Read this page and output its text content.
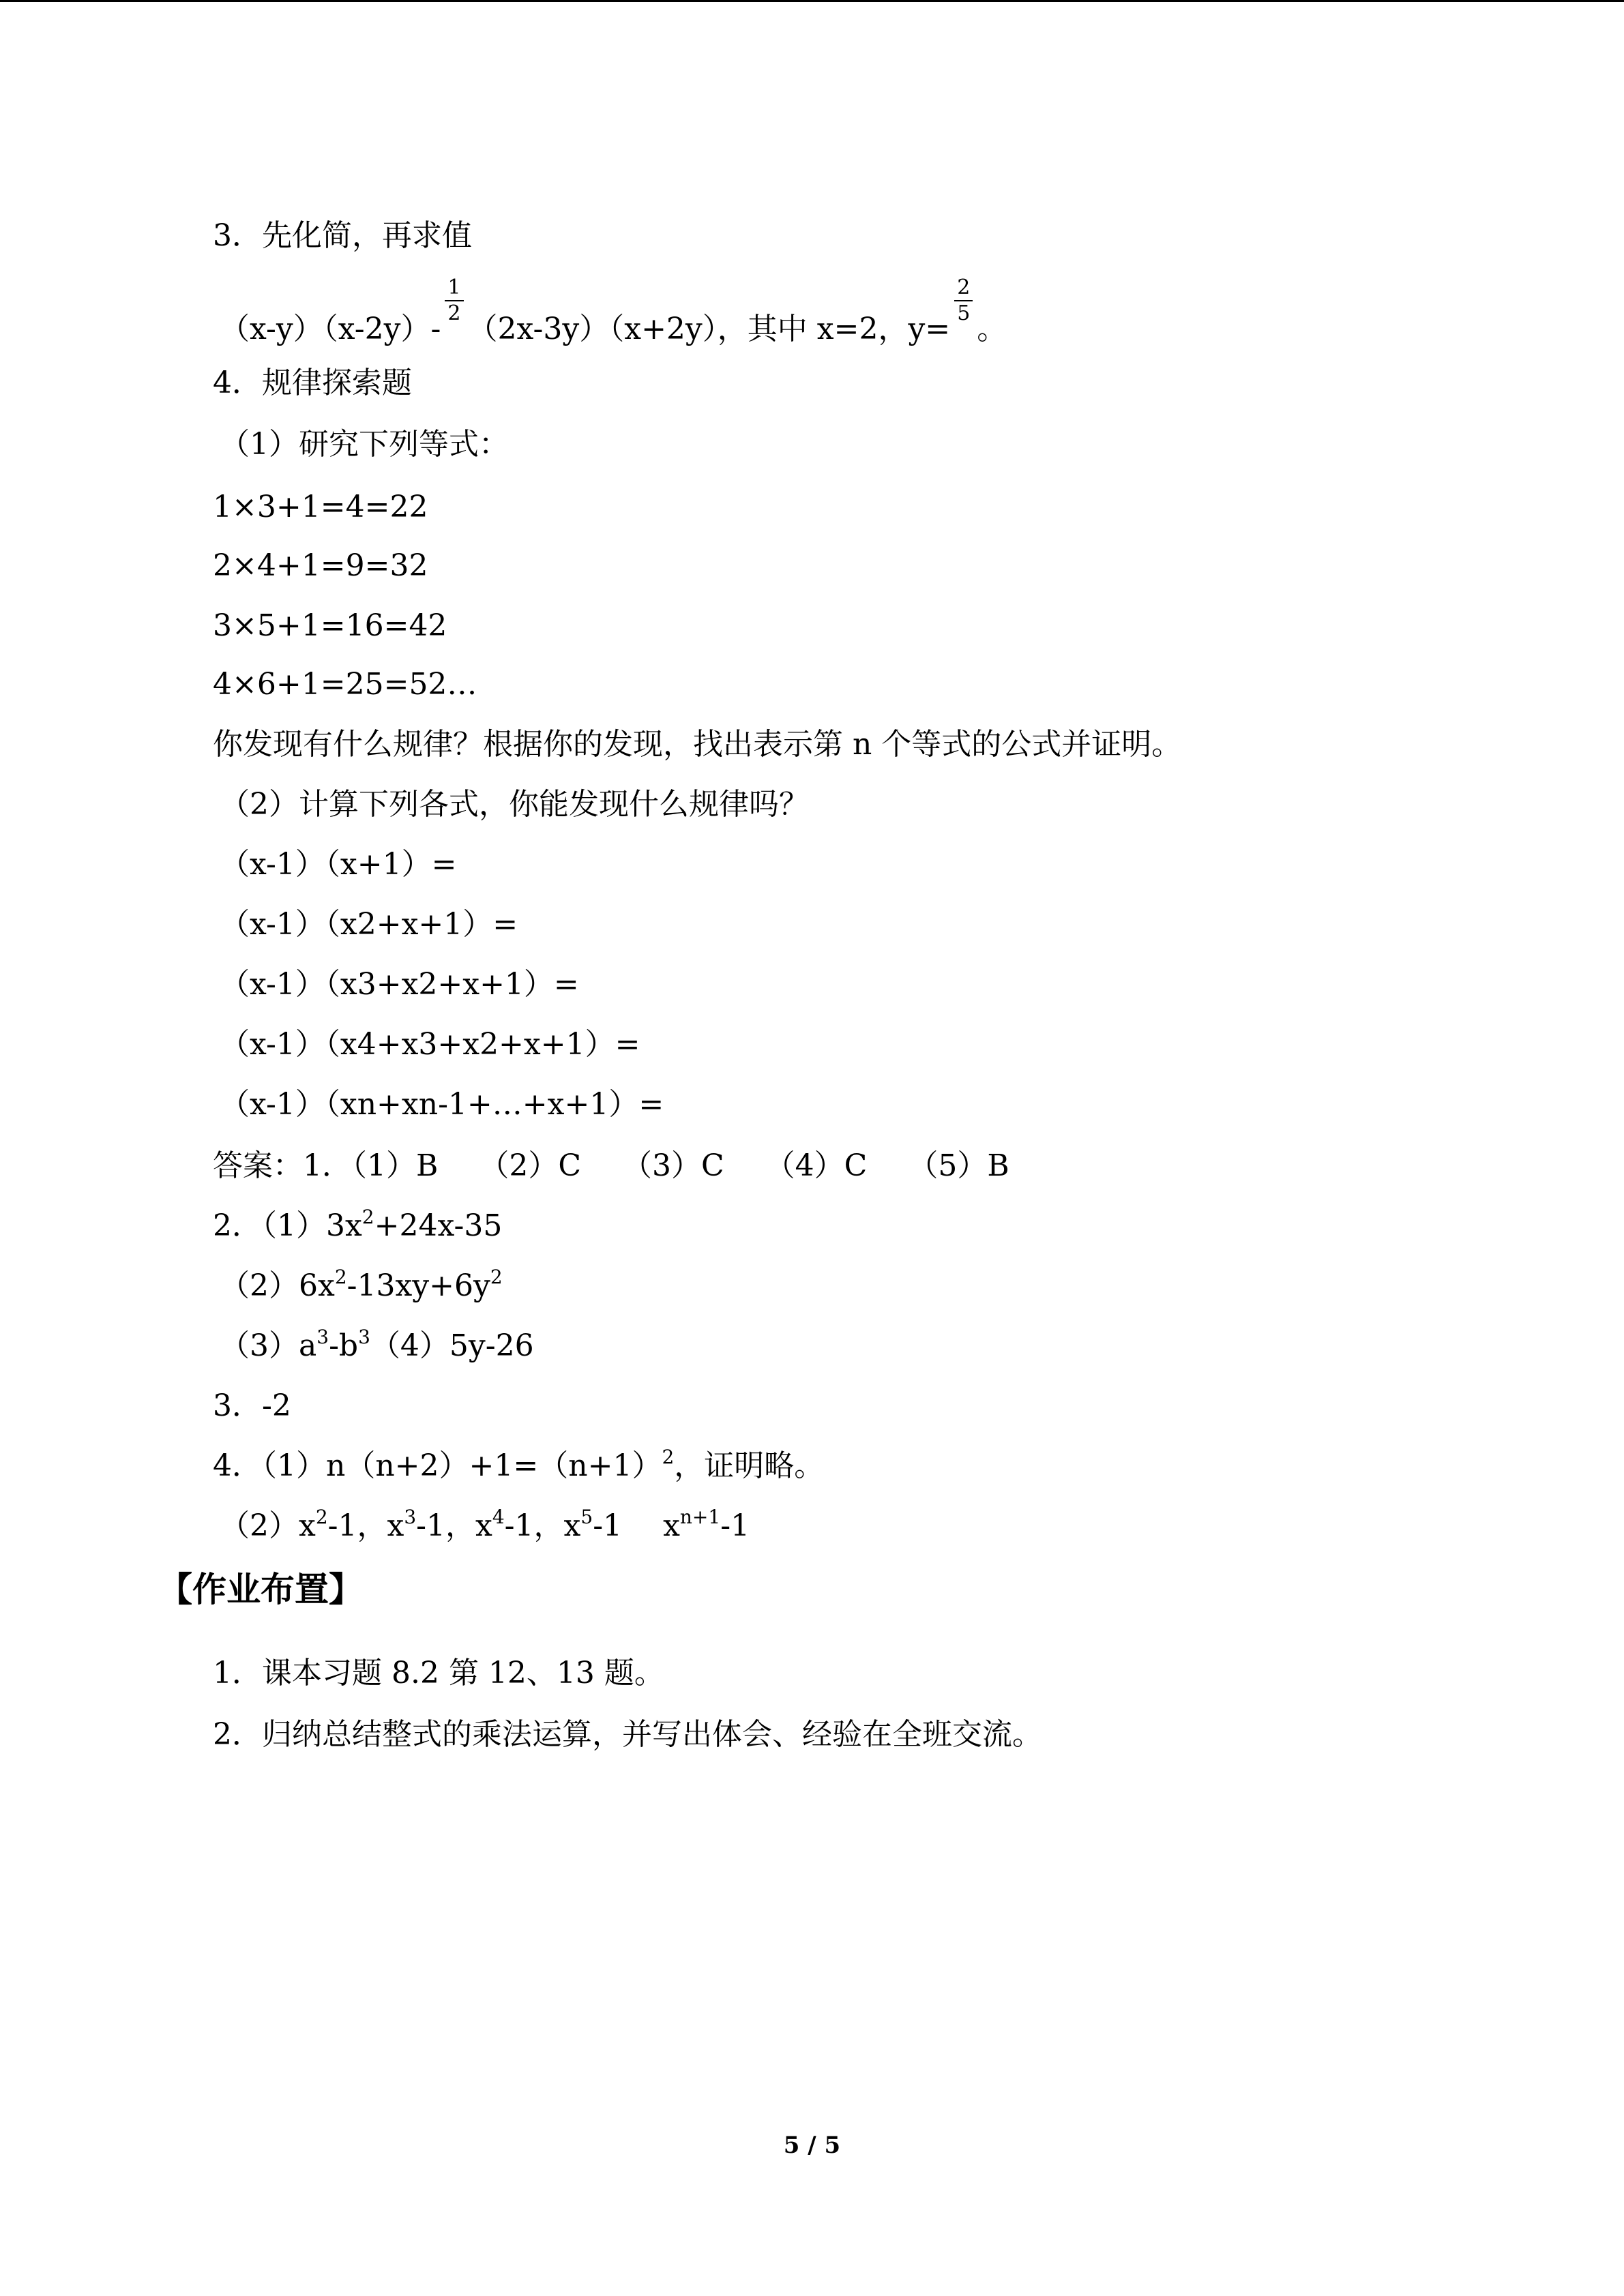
3．先化简，再求值
（x-y）（x-2y）-
$\frac{1}{2}$
（2x-3y）（x+2y），其中 x=2，y=
$\frac{2}{5}$
。
4．规律探索题
（1）研究下列等式：
1×3+1=4=22
2×4+1=9=32
3×5+1=16=42
4×6+1=25=52…
你发现有什么规律？根据你的发现，找出表示第 n 个等式的公式并证明。
（2）计算下列各式，你能发现什么规律吗？
（x-1）（x+1）=
（x-1）（x2+x+1）=
（x-1）（x3+x2+x+1）=
（x-1）（x4+x3+x2+x+1）=
（x-1）（xn+xn-1+…+x+1）=
答案：1．（1）B （2）C （3）C （4）C （5）B
2．$(1)3x^2+24x-35$
$(2)6x^2-13xy+6y^2$
$(3)a^3-b^3(4)5y-26$
3．-2
4．$(1)n(n+2)+1=(n+1)^2$，证明略。
$(2)x^2-1$，$x^3-1$，$x^4-1$，$x^5-1$ $x^{n+1}-1$
【作业布置】
1．课本习题 8.2 第 12、13 题。
2．归纳总结整式的乘法运算，并写出体会、经验在全班交流。
5 / 5
